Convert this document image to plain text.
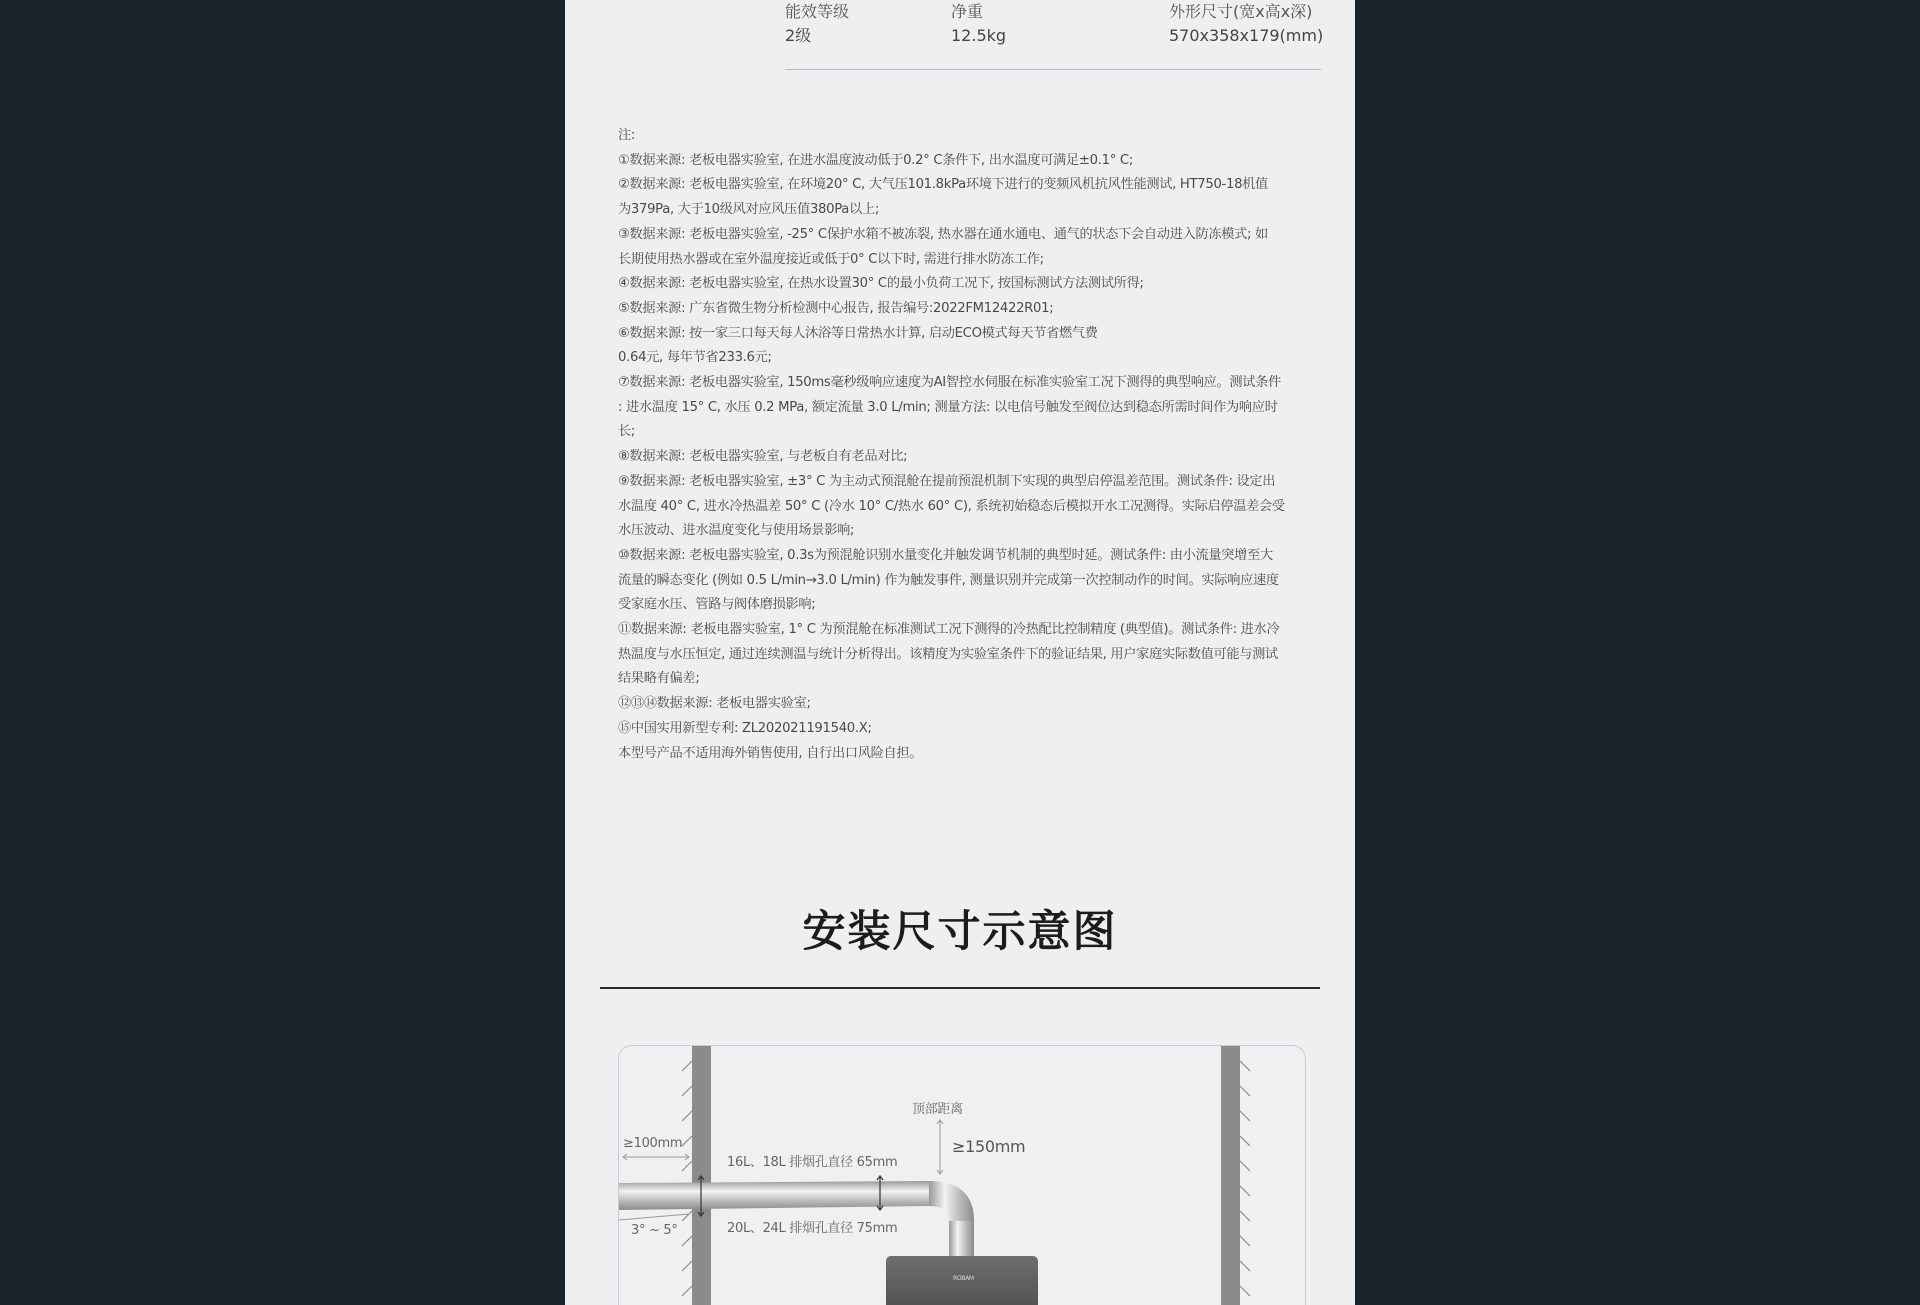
能效等级
2级
净重
12.5kg
外形尺寸(宽x高x深)
570x358x179(mm)

注:

①数据来源: 老板电器实验室, 在进水温度波动低于0.2° C条件下, 出水温度可满足±0.1° C;

②数据来源: 老板电器实验室, 在环境20° C, 大气压101.8kPa环境下进行的变频风机抗风性能测试, HT750-18机值

为379Pa, 大于10级风对应风压值380Pa以上;

③数据来源: 老板电器实验室, -25° C保护水箱不被冻裂, 热水器在通水通电、通气的状态下会自动进入防冻模式; 如

长期使用热水器或在室外温度接近或低于0° C以下时, 需进行排水防冻工作;

④数据来源: 老板电器实验室, 在热水设置30° C的最小负荷工况下, 按国标测试方法测试所得;

⑤数据来源: 广东省微生物分析检测中心报告, 报告编号:2022FM12422R01;

⑥数据来源: 按一家三口每天每人沐浴等日常热水计算, 启动ECO模式每天节省燃气费

0.64元, 每年节省233.6元;

⑦数据来源: 老板电器实验室, 150ms毫秒级响应速度为AI智控水伺服在标准实验室工况下测得的典型响应。测试条件

: 进水温度 15° C, 水压 0.2 MPa, 额定流量 3.0 L/min; 测量方法: 以电信号触发至阀位达到稳态所需时间作为响应时

长;

⑧数据来源: 老板电器实验室, 与老板自有老品对比;

⑨数据来源: 老板电器实验室, ±3° C 为主动式预混舱在提前预混机制下实现的典型启停温差范围。测试条件: 设定出

水温度 40° C, 进水冷热温差 50° C (冷水 10° C/热水 60° C), 系统初始稳态后模拟开水工况测得。实际启停温差会受

水压波动、进水温度变化与使用场景影响;

⑩数据来源: 老板电器实验室, 0.3s为预混舱识别水量变化并触发调节机制的典型时延。测试条件: 由小流量突增至大

流量的瞬态变化 (例如 0.5 L/min→3.0 L/min) 作为触发事件, 测量识别并完成第一次控制动作的时间。实际响应速度

受家庭水压、管路与阀体磨损影响;

⑪数据来源: 老板电器实验室, 1° C 为预混舱在标准测试工况下测得的冷热配比控制精度 (典型值)。测试条件: 进水冷

热温度与水压恒定, 通过连续测温与统计分析得出。该精度为实验室条件下的验证结果, 用户家庭实际数值可能与测试

结果略有偏差;

⑫⑬⑭数据来源: 老板电器实验室;

⑮中国实用新型专利: ZL202021191540.X;

本型号产品不适用海外销售使用, 自行出口风险自担。

安装尺寸示意图
顶部距离
≥150mm
≥100mm
16L、18L 排烟孔直径 65mm
20L、24L 排烟孔直径 75mm
3° ~ 5°
ROBAM
